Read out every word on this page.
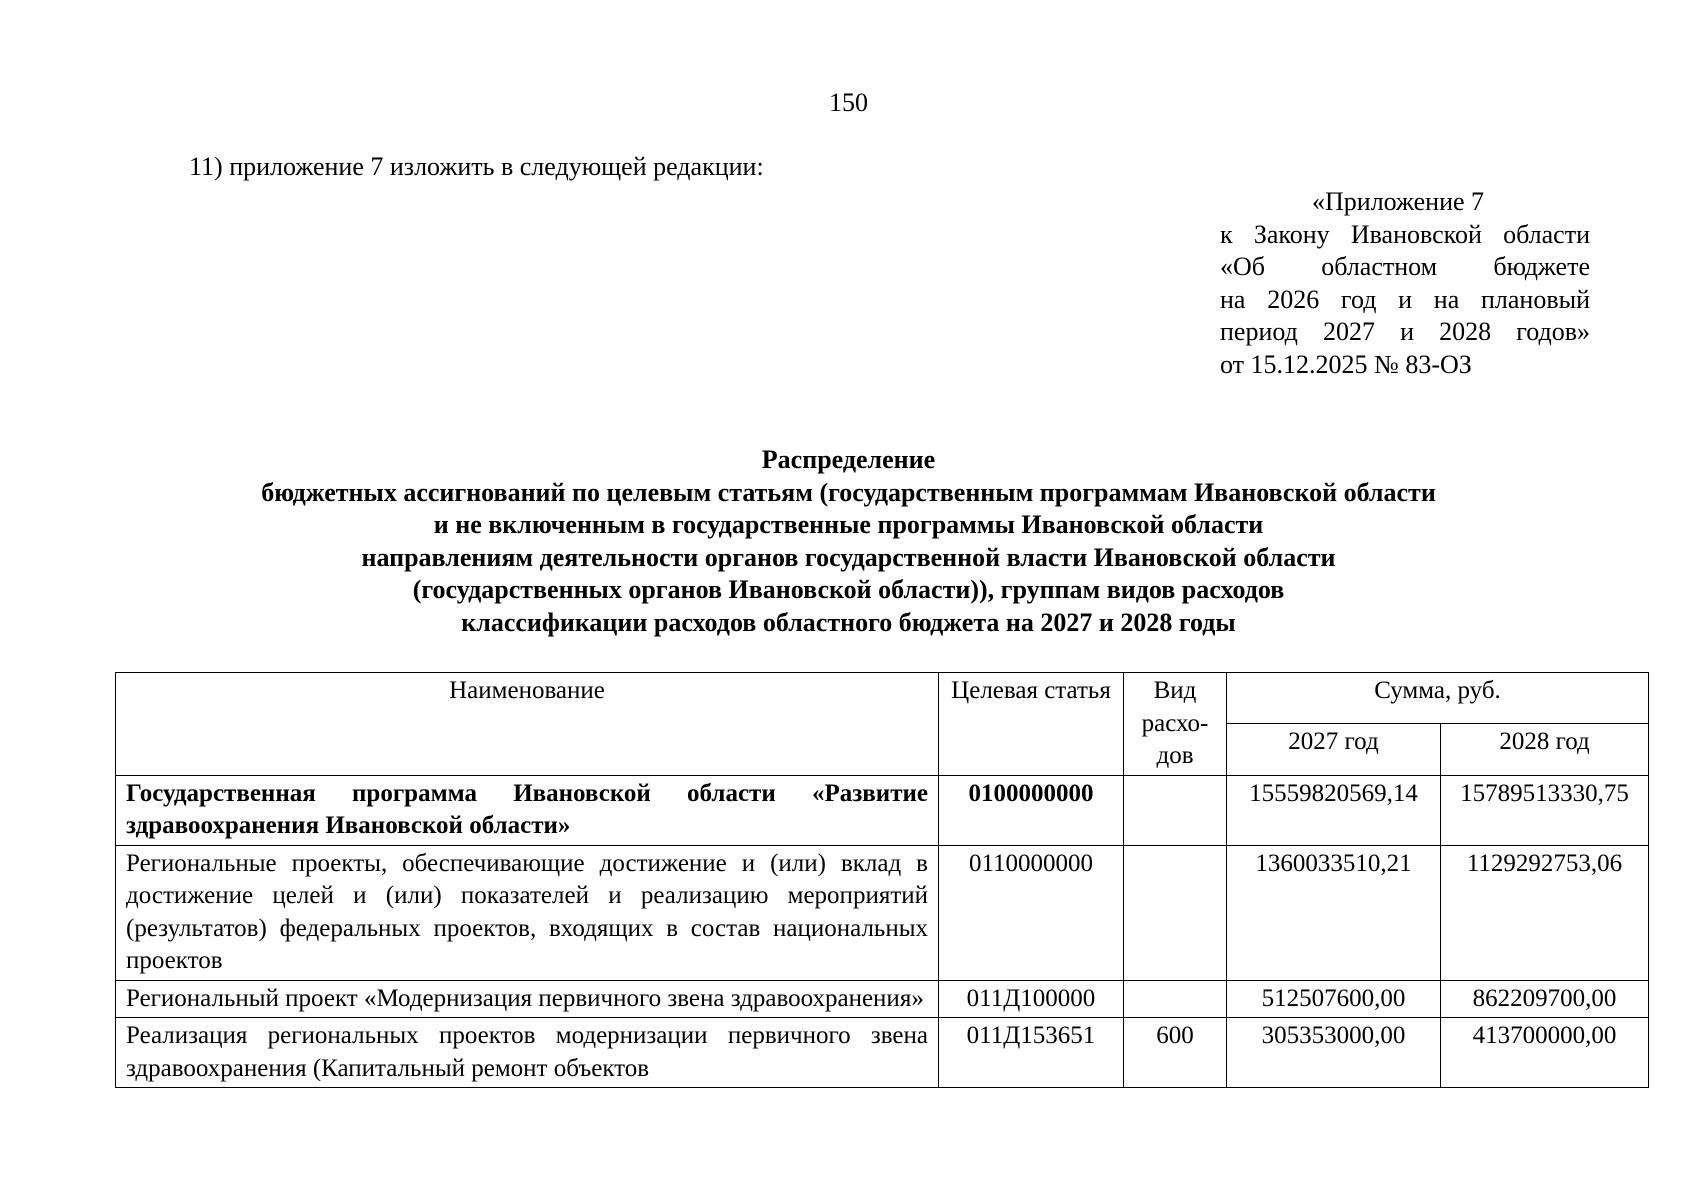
150
11) приложение 7 изложить в следующей редакции:
«Приложение 7
к Закону Ивановской области
«Об областном бюджете
на 2026 год и на плановый
период 2027 и 2028 годов»
от 15.12.2025 № 83-ОЗ
Распределение
бюджетных ассигнований по целевым статьям (государственным программам Ивановской области
и не включенным в государственные программы Ивановской области
направлениям деятельности органов государственной власти Ивановской области
(государственных органов Ивановской области)), группам видов расходов
классификации расходов областного бюджета на 2027 и 2028 годы
Наименование	Целевая статья	Вид расхо-дов	Сумма, руб.	
			2027 год	2028 год
Государственная программа Ивановской области «Развитие здравоохранения Ивановской области»	0100000000		15559820569,14	15789513330,75
Региональные проекты, обеспечивающие достижение и (или) вклад в достижение целей и (или) показателей и реализацию мероприятий (результатов) федеральных проектов, входящих в состав национальных проектов	0110000000		1360033510,21	1129292753,06
Региональный проект «Модернизация первичного звена здравоохранения»	011Д100000		512507600,00	862209700,00

Реализация региональных проектов модернизации первичного звена здравоохранения (Капитальный ремонт объектов	011Д153651	600	305353000,00	413700000,00
